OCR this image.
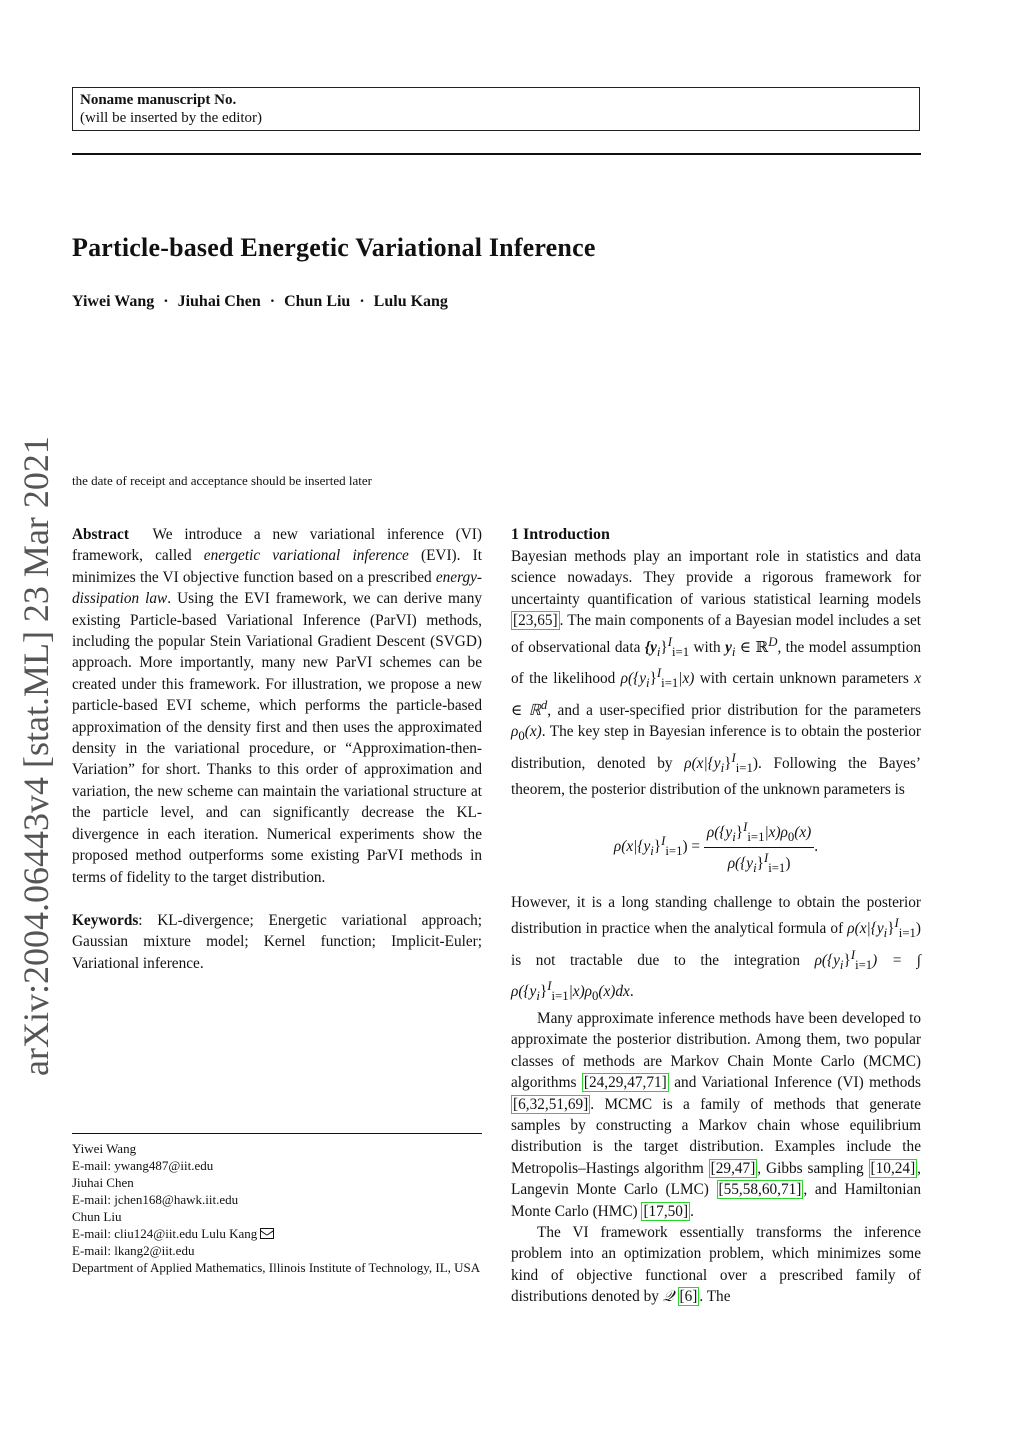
Noname manuscript No.
(will be inserted by the editor)
Particle-based Energetic Variational Inference

Yiwei Wang · Jiuhai Chen · Chun Liu · Lulu Kang

the date of receipt and acceptance should be inserted later
arXiv:2004.06443v4 [stat.ML] 23 Mar 2021 Abstract We introduce a new variational inference (VI) framework, called energetic variational inference (EVI). It minimizes the VI objective function based on a prescribed energy-dissipation law. Using the EVI framework, we can derive many existing Particle-based Variational Inference (ParVI) methods, including the popular Stein Variational Gradient Descent (SVGD) approach. More importantly, many new ParVI schemes can be created under this framework. For illustration, we propose a new particle-based EVI scheme, which performs the particle-based approximation of the density first and then uses the approximated density in the variational procedure, or “Approximation-then-Variation” for short. Thanks to this order of approximation and variation, the new scheme can maintain the variational structure at the particle level, and can significantly decrease the KL-divergence in each iteration. Numerical experiments show the proposed method outperforms some existing ParVI methods in terms of fidelity to the target distribution.

Keywords: KL-divergence; Energetic variational approach; Gaussian mixture model; Kernel function; Implicit-Euler; Variational inference.

Yiwei Wang
E-mail: ywang487@iit.edu
Jiuhai Chen
E-mail: jchen168@hawk.iit.edu
Chun Liu
E-mail: cliu124@iit.edu Lulu Kang
E-mail: lkang2@iit.edu
Department of Applied Mathematics, Illinois Institute of Technology, IL, USA

1 Introduction

Bayesian methods play an important role in statistics and data science nowadays. They provide a rigorous framework for uncertainty quantification of various statistical learning models [23,65] . The main components of a Bayesian model includes a set of observational data $\{y_i\}^I_{i=1}$ with $y_i$ ∈ ℝ$^D$, the model assumption of the likelihood $\rho(\{y_i\}^I_{i=1}|x)$ with certain unknown parameters x ∈ ℝ$^d$, and a user-specified prior distribution for the parameters $\rho_0(x)$. The key step in Bayesian inference is to obtain the posterior distribution, denoted by $\rho(x|\{y_i\}^I_{i=1})$. Following the Bayes’ theorem, the posterior distribution of the unknown parameters is

$\rho(x|\{y_i\}^I_{i=1}) = \frac{\rho(\{y_i\}^I_{i=1}|x)\rho_0(x)}{\rho(\{y_i\}^I_{i=1})}$ .

However, it is a long standing challenge to obtain the posterior distribution in practice when the analytical formula of $\rho(x|\{y_i\}^I_{i=1})$ is not tractable due to the integration $\rho(\{y_i\}^I_{i=1})$ = ∫ $\rho(\{y_i\}^I_{i=1}|x)\rho_0(x)dx$.

Many approximate inference methods have been developed to approximate the posterior distribution. Among them, two popular classes of methods are Markov Chain Monte Carlo (MCMC) algorithms [24,29,47,71] and Variational Inference (VI) methods [6,32,51,69] . MCMC is a family of methods that generate samples by constructing a Markov chain whose equilibrium distribution is the target distribution. Examples include the Metropolis–Hastings algorithm [29,47] , Gibbs sampling [10,24] , Langevin Monte Carlo (LMC) [55,58,60,71] , and Hamiltonian Monte Carlo (HMC) [17,50] .

The VI framework essentially transforms the inference problem into an optimization problem, which minimizes some kind of objective functional over a prescribed family of distributions denoted by 𝒬 [6] . The
